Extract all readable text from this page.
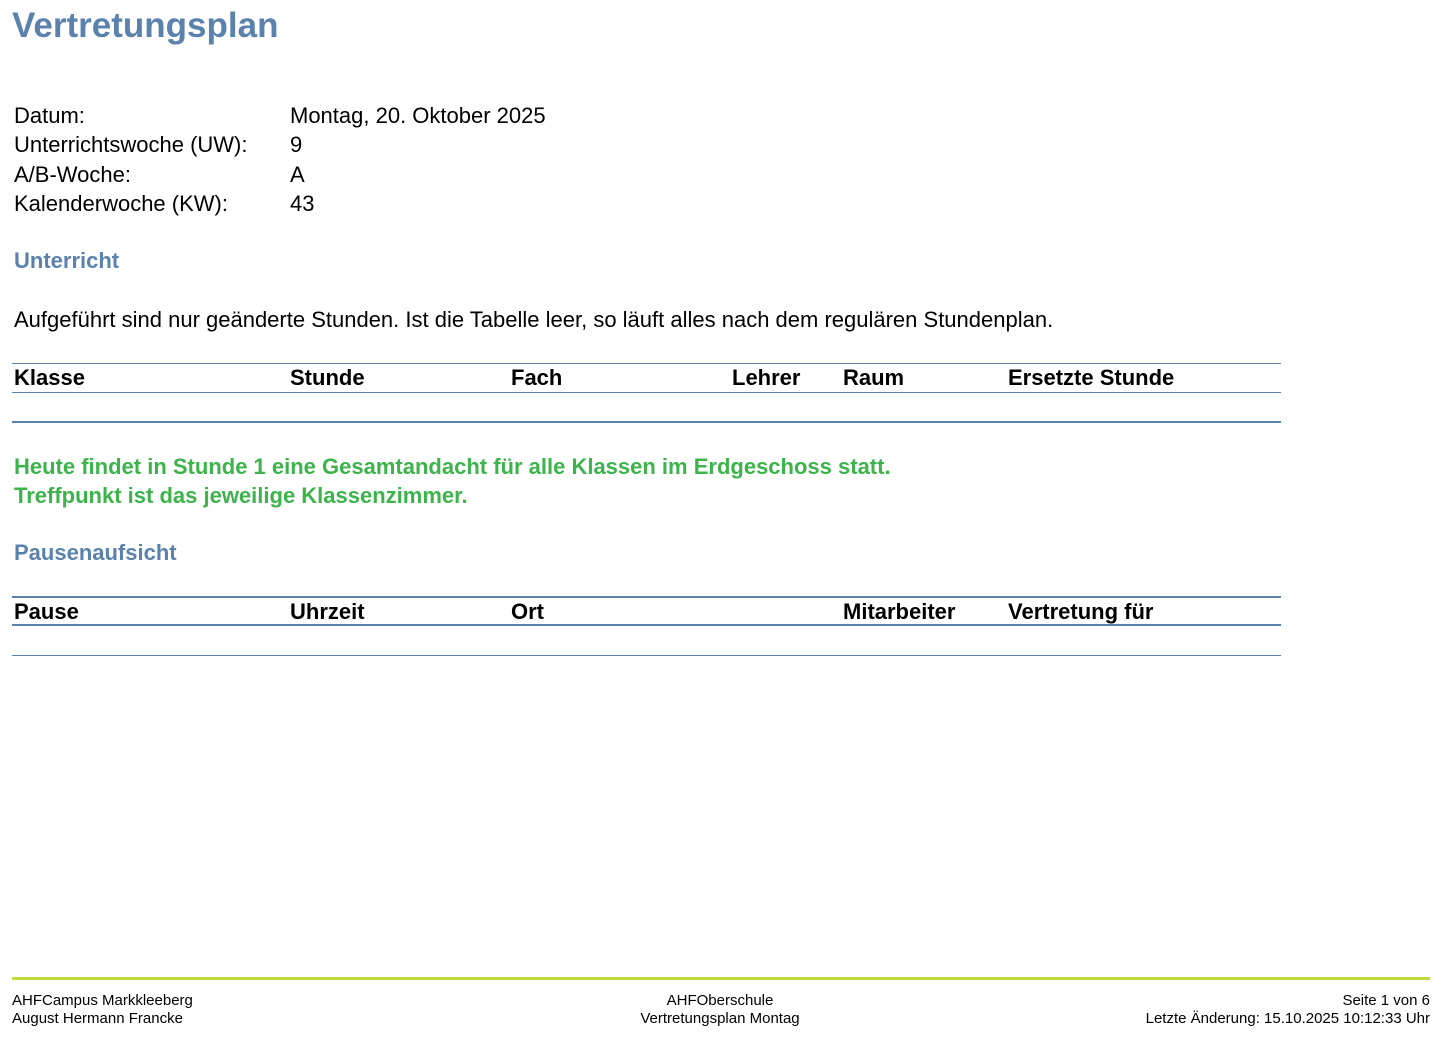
Vertretungsplan
Datum:	Montag, 20. Oktober 2025
Unterrichtswoche (UW):	9
A/B-Woche:	A
Kalenderwoche (KW):	43
Unterricht
Aufgeführt sind nur geänderte Stunden. Ist die Tabelle leer, so läuft alles nach dem regulären Stundenplan.
Klasse	Stunde	Fach	Lehrer	Raum	Ersetzte Stunde
Heute findet in Stunde 1 eine Gesamtandacht für alle Klassen im Erdgeschoss statt.
Treffpunkt ist das jeweilige Klassenzimmer.
Pausenaufsicht
Pause	Uhrzeit	Ort	Mitarbeiter	Vertretung für
AHFCampus Markkleeberg
August Hermann Francke
AHFOberschule
Vertretungsplan Montag
Seite 1 von 6
Letzte Änderung: 15.10.2025 10:12:33 Uhr
